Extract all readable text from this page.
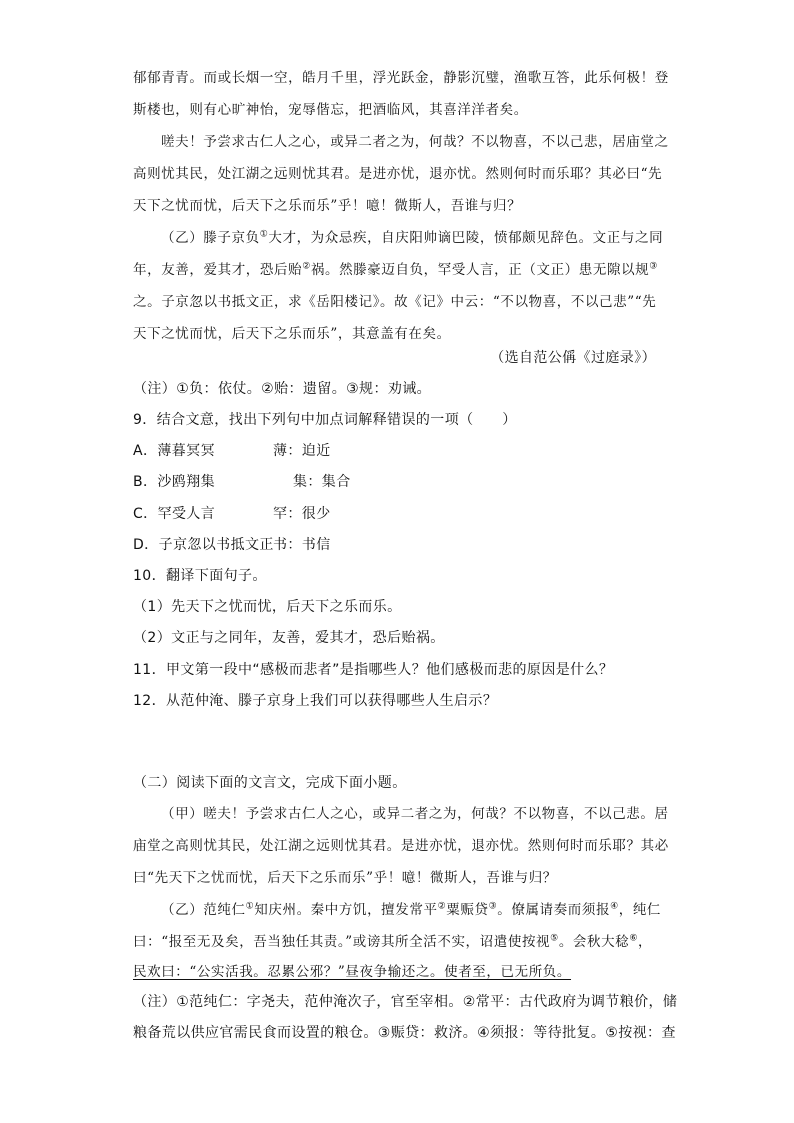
郁郁青青。而或长烟一空，皓月千里，浮光跃金，静影沉璧，渔歌互答，此乐何极！登
斯楼也，则有心旷神怡，宠辱偕忘，把酒临风，其喜洋洋者矣。
嗟夫！予尝求古仁人之心，或异二者之为，何哉？不以物喜，不以己悲，居庙堂之
高则忧其民，处江湖之远则忧其君。是进亦忧，退亦忧。然则何时而乐耶？其必曰“先
天下之忧而忧，后天下之乐而乐”乎！噫！微斯人，吾谁与归？
（乙）滕子京负①大才，为众忌疾，自庆阳帅谪巴陵，愤郁颇见辞色。文正与之同
年，友善，爱其才，恐后贻②祸。然滕豪迈自负，罕受人言，正（文正）患无隙以规③
之。子京忽以书抵文正，求《岳阳楼记》。故《记》中云：“不以物喜，不以己悲”“先
天下之忧而忧，后天下之乐而乐”，其意盖有在矣。
（选自范公偁《过庭录》）
（注）①负：依仗。②贻：遗留。③规：劝诫。
9．结合文意，找出下列句中加点词解释错误的一项（　　）
A．薄暮冥冥	薄：迫近
B．沙鸥翔集	集：集合
C．罕受人言	罕：很少
D．子京忽以书抵文正书：书信
10．翻译下面句子。
（1）先天下之忧而忧，后天下之乐而乐。
（2）文正与之同年，友善，爱其才，恐后贻祸。
11．甲文第一段中“感极而悲者”是指哪些人？他们感极而悲的原因是什么？
12．从范仲淹、滕子京身上我们可以获得哪些人生启示？
（二）阅读下面的文言文，完成下面小题。
（甲）嗟夫！予尝求古仁人之心，或异二者之为，何哉？不以物喜，不以己悲。居
庙堂之高则忧其民，处江湖之远则忧其君。是进亦忧，退亦忧。然则何时而乐耶？其必
曰“先天下之忧而忧，后天下之乐而乐”乎！噫！微斯人，吾谁与归？
（乙）范纯仁①知庆州。秦中方饥，擅发常平②粟赈贷③。僚属请奏而须报④，纯仁
曰：“报至无及矣，吾当独任其责。”或谤其所全活不实，诏遣使按视⑤。会秋大稔⑥，
民欢曰：“公实活我。忍累公邪？”昼夜争输还之。使者至，已无所负。
（注）①范纯仁：字尧夫，范仲淹次子，官至宰相。②常平：古代政府为调节粮价，储
粮备荒以供应官需民食而设置的粮仓。③赈贷：救济。④须报：等待批复。⑤按视：查
